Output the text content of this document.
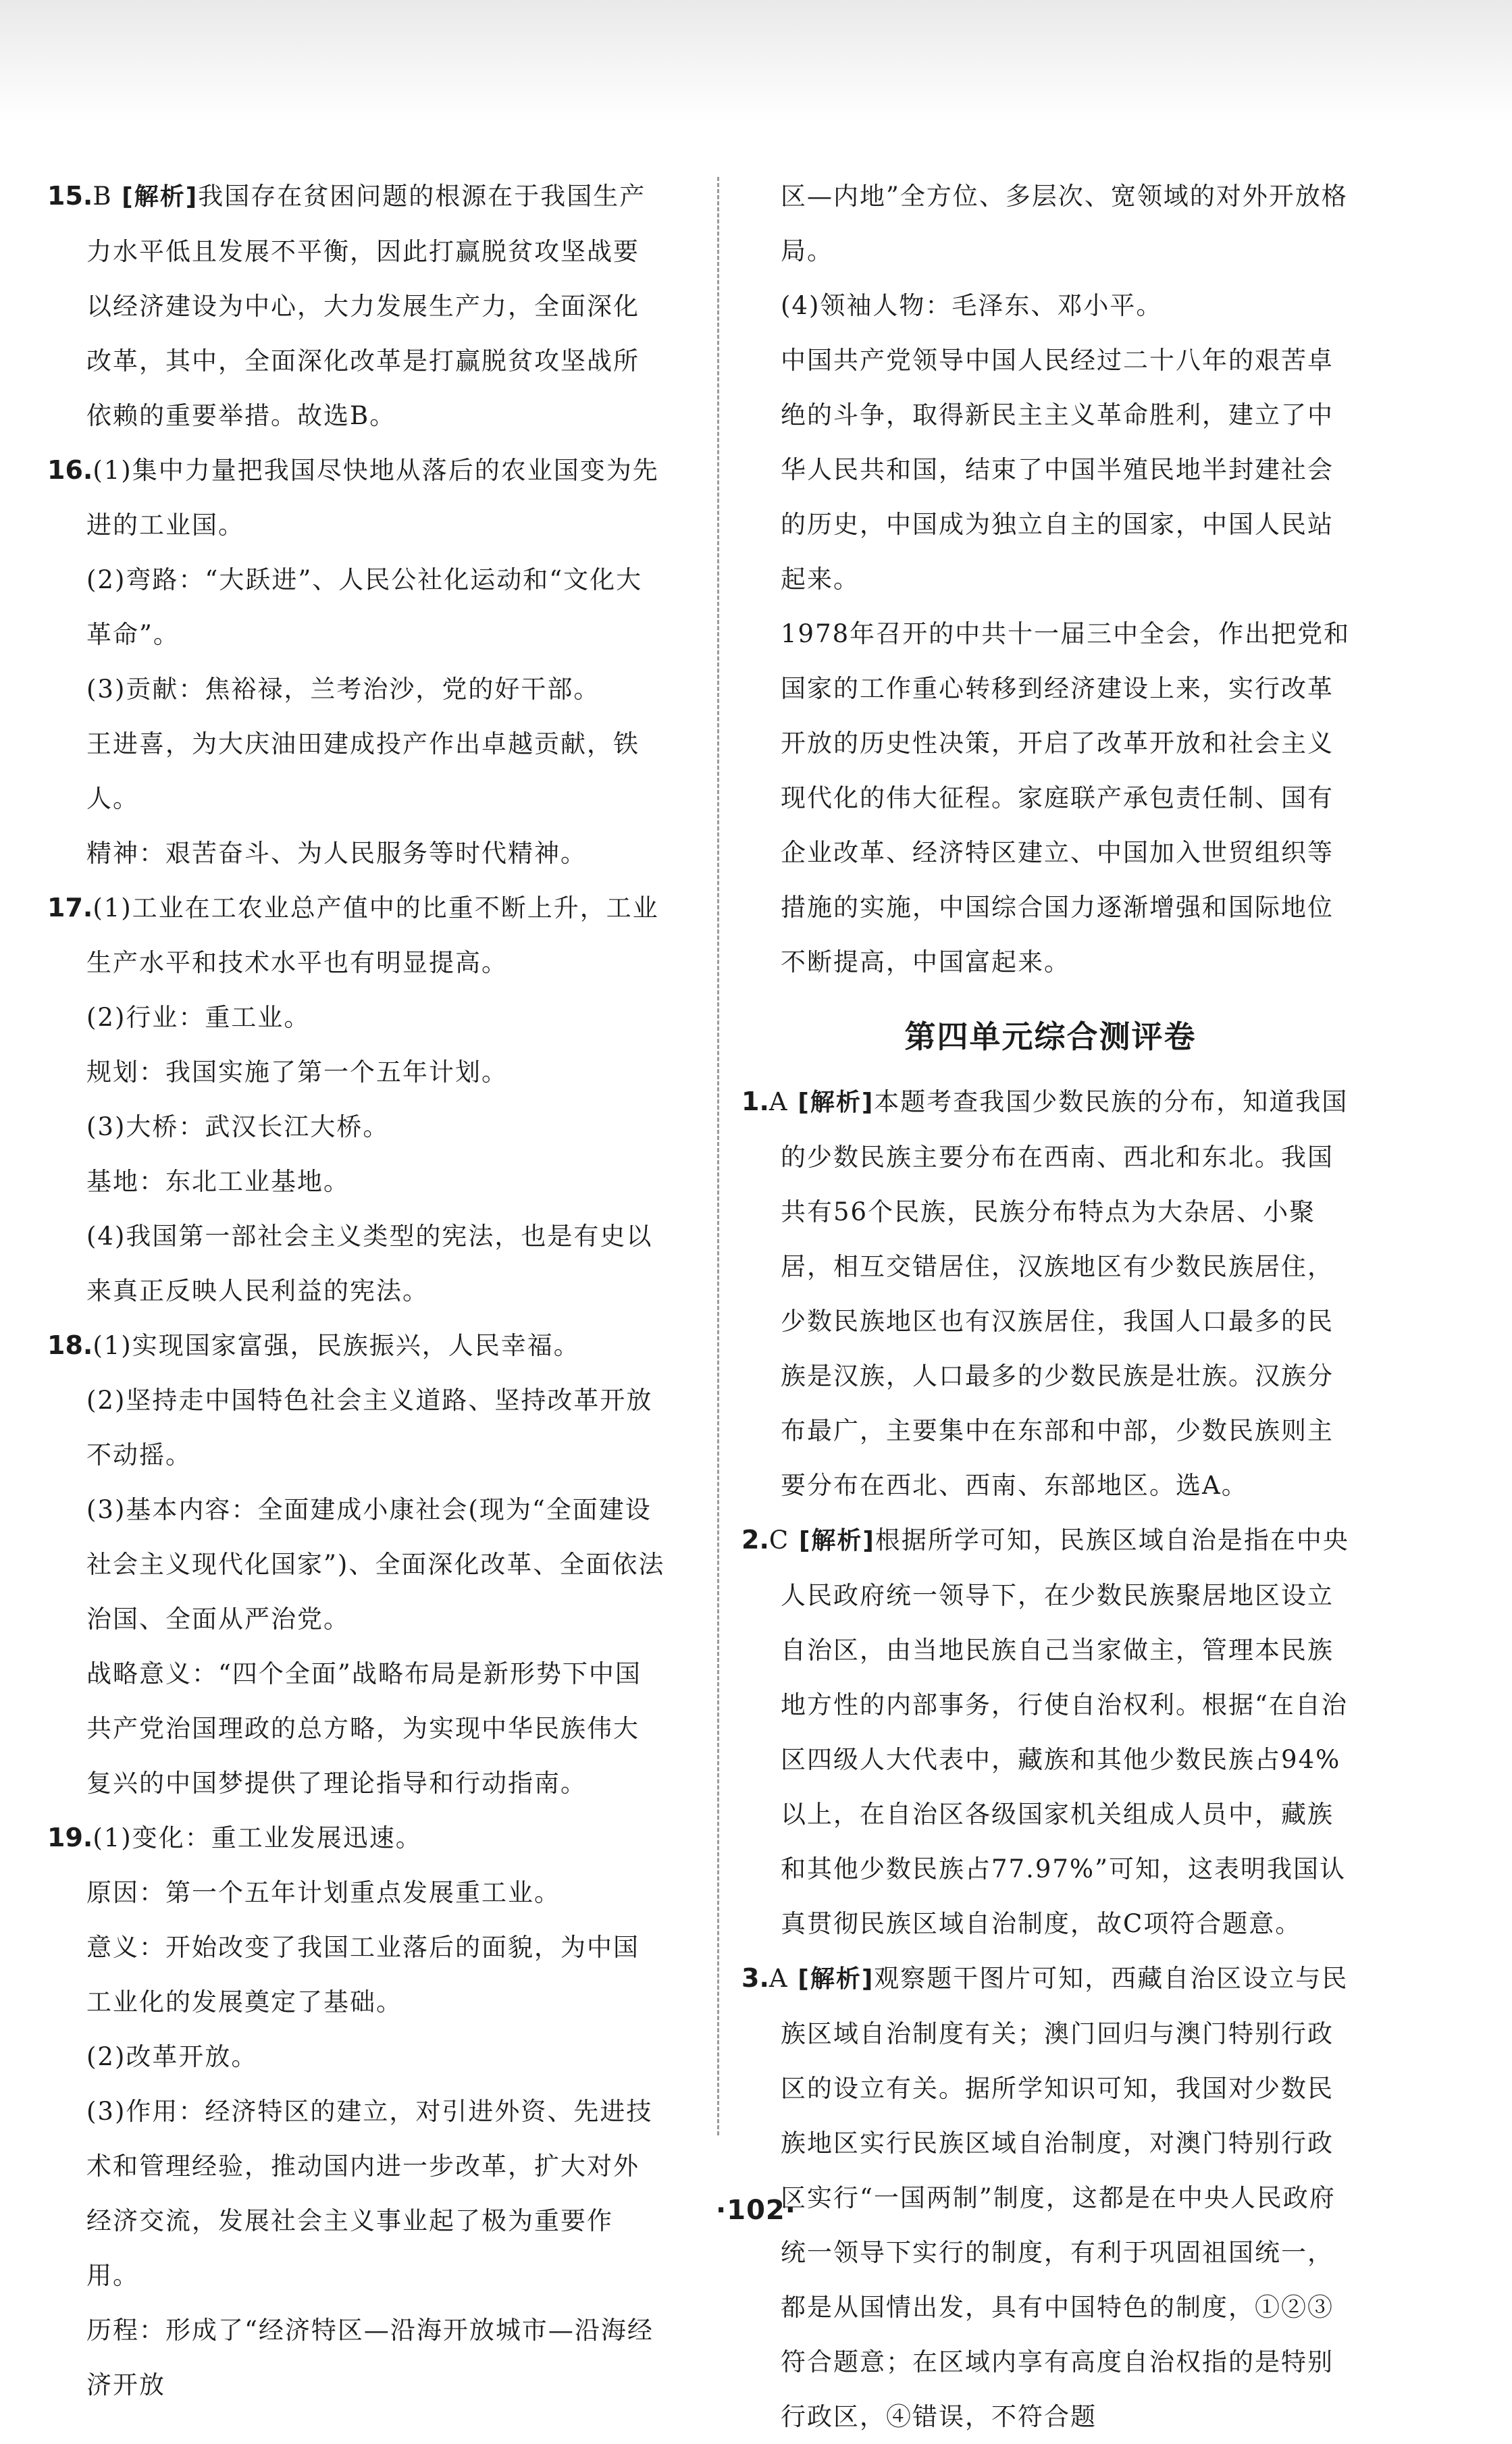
15.B [解析]我国存在贫困问题的根源在于我国生产力水平低且发展不平衡，因此打赢脱贫攻坚战要以经济建设为中心，大力发展生产力，全面深化改革，其中，全面深化改革是打赢脱贫攻坚战所依赖的重要举措。故选B。

16.(1)集中力量把我国尽快地从落后的农业国变为先进的工业国。

(2)弯路：“大跃进”、人民公社化运动和“文化大革命”。

(3)贡献：焦裕禄，兰考治沙，党的好干部。

王进喜，为大庆油田建成投产作出卓越贡献，铁人。

精神：艰苦奋斗、为人民服务等时代精神。

17.(1)工业在工农业总产值中的比重不断上升，工业生产水平和技术水平也有明显提高。

(2)行业：重工业。

规划：我国实施了第一个五年计划。

(3)大桥：武汉长江大桥。

基地：东北工业基地。

(4)我国第一部社会主义类型的宪法，也是有史以来真正反映人民利益的宪法。

18.(1)实现国家富强，民族振兴，人民幸福。

(2)坚持走中国特色社会主义道路、坚持改革开放不动摇。

(3)基本内容：全面建成小康社会(现为“全面建设社会主义现代化国家”)、全面深化改革、全面依法治国、全面从严治党。

战略意义：“四个全面”战略布局是新形势下中国共产党治国理政的总方略，为实现中华民族伟大复兴的中国梦提供了理论指导和行动指南。

19.(1)变化：重工业发展迅速。

原因：第一个五年计划重点发展重工业。

意义：开始改变了我国工业落后的面貌，为中国工业化的发展奠定了基础。

(2)改革开放。

(3)作用：经济特区的建立，对引进外资、先进技术和管理经验，推动国内进一步改革，扩大对外经济交流，发展社会主义事业起了极为重要作用。

历程：形成了“经济特区—沿海开放城市—沿海经济开放

区—内地”全方位、多层次、宽领域的对外开放格局。

(4)领袖人物：毛泽东、邓小平。

中国共产党领导中国人民经过二十八年的艰苦卓绝的斗争，取得新民主主义革命胜利，建立了中华人民共和国，结束了中国半殖民地半封建社会的历史，中国成为独立自主的国家，中国人民站起来。

1978年召开的中共十一届三中全会，作出把党和国家的工作重心转移到经济建设上来，实行改革开放的历史性决策，开启了改革开放和社会主义现代化的伟大征程。家庭联产承包责任制、国有企业改革、经济特区建立、中国加入世贸组织等措施的实施，中国综合国力逐渐增强和国际地位不断提高，中国富起来。

第四单元综合测评卷

1.A [解析]本题考查我国少数民族的分布，知道我国的少数民族主要分布在西南、西北和东北。我国共有56个民族，民族分布特点为大杂居、小聚居，相互交错居住，汉族地区有少数民族居住，少数民族地区也有汉族居住，我国人口最多的民族是汉族，人口最多的少数民族是壮族。汉族分布最广，主要集中在东部和中部，少数民族则主要分布在西北、西南、东部地区。选A。

2.C [解析]根据所学可知，民族区域自治是指在中央人民政府统一领导下，在少数民族聚居地区设立自治区，由当地民族自己当家做主，管理本民族地方性的内部事务，行使自治权利。根据“在自治区四级人大代表中，藏族和其他少数民族占94%以上，在自治区各级国家机关组成人员中，藏族和其他少数民族占77.97%”可知，这表明我国认真贯彻民族区域自治制度，故C项符合题意。

3.A [解析]观察题干图片可知，西藏自治区设立与民族区域自治制度有关；澳门回归与澳门特别行政区的设立有关。据所学知识可知，我国对少数民族地区实行民族区域自治制度，对澳门特别行政区实行“一国两制”制度，这都是在中央人民政府统一领导下实行的制度，有利于巩固祖国统一，都是从国情出发，具有中国特色的制度，①②③符合题意；在区域内享有高度自治权指的是特别行政区，④错误，不符合题

·102·
